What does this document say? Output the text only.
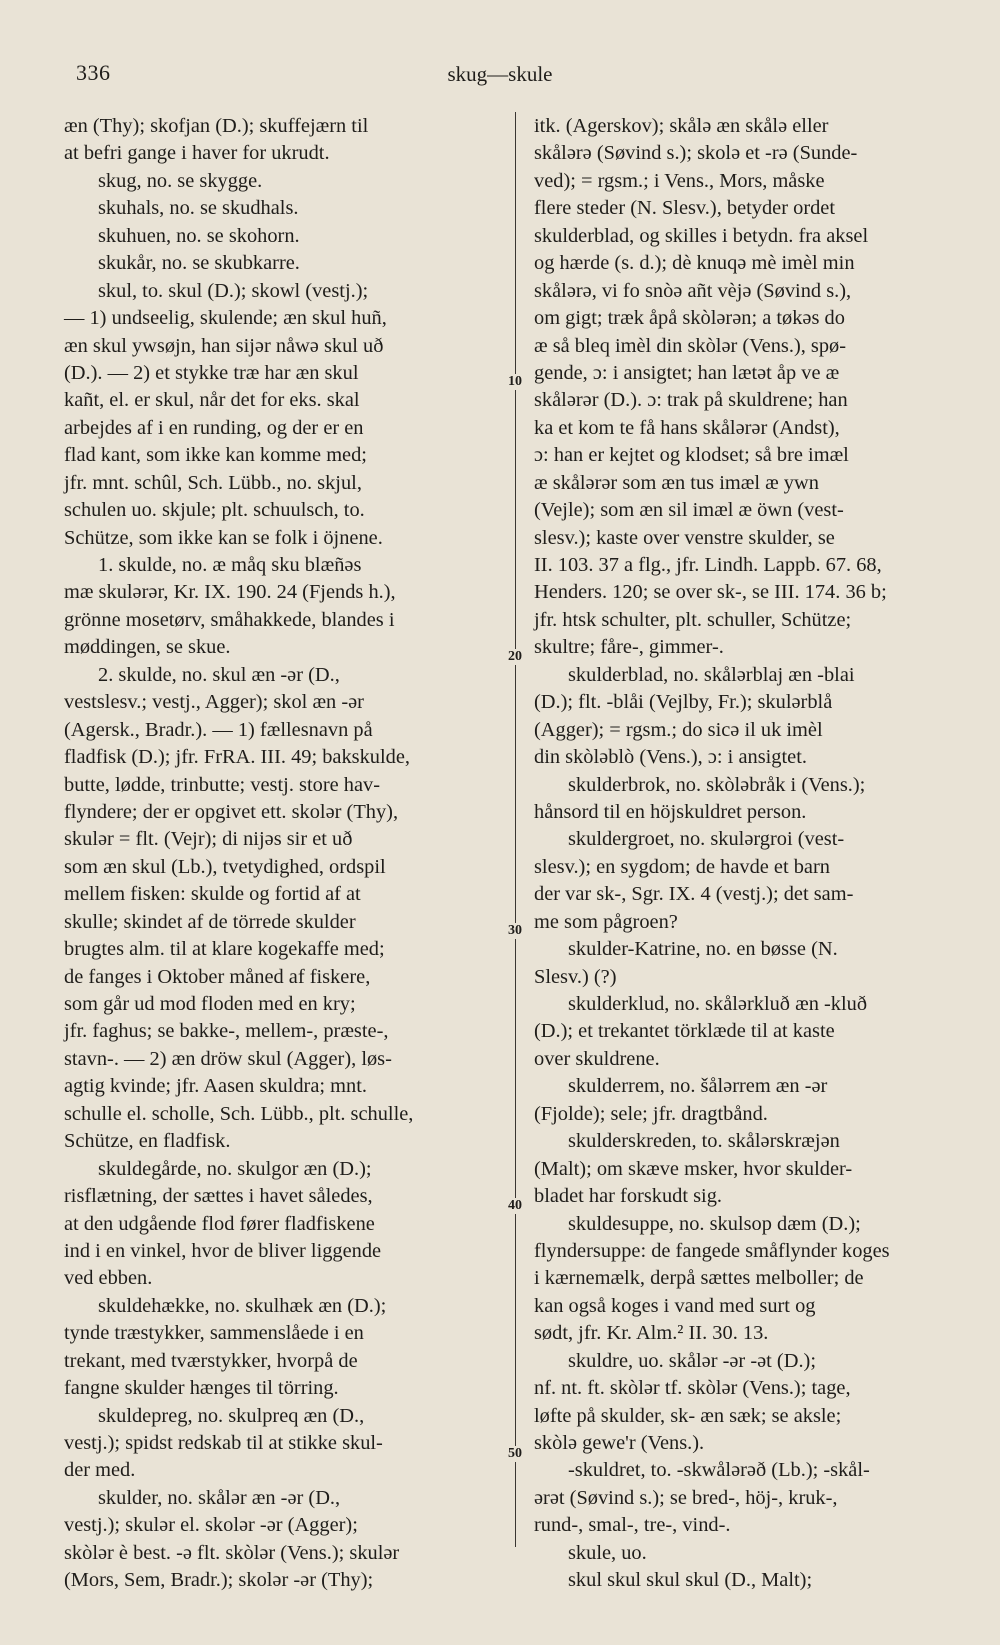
336	skug—skule
æn (Thy); skofjan (D.); skuffejærn til
at befri gange i haver for ukrudt.
skug, no. se skygge.
skuhals, no. se skudhals.
skuhuen, no. se skohorn.
skukår, no. se skubkarre.
skul, to. skul (D.); skowl (vestj.);
— 1) undseelig, skulende; æn skul huñ,
æn skul ywsøjn, han sijər nåwə skul uð
(D.). — 2) et stykke træ har æn skul
kañt, el. er skul, når det for eks. skal
arbejdes af i en runding, og der er en
flad kant, som ikke kan komme med;
jfr. mnt. schûl, Sch. Lübb., no. skjul,
schulen uo. skjule; plt. schuulsch, to.
Schütze, som ikke kan se folk i öjnene.
1. skulde, no. æ måq sku blæñəs
mæ skulərər, Kr. IX. 190. 24 (Fjends h.),
grönne mosetørv, småhakkede, blandes i
møddingen, se skue.
2. skulde, no. skul æn -ər (D.,
vestslesv.; vestj., Agger); skol æn -ər
(Agersk., Bradr.). — 1) fællesnavn på
fladfisk (D.); jfr. FrRA. III. 49; bakskulde,
butte, lødde, trinbutte; vestj. store hav-
flyndere; der er opgivet ett. skolər (Thy),
skulər = flt. (Vejr); di nijəs sir et uð
som æn skul (Lb.), tvetydighed, ordspil
mellem fisken: skulde og fortid af at
skulle; skindet af de törrede skulder
brugtes alm. til at klare kogekaffe med;
de fanges i Oktober måned af fiskere,
som går ud mod floden med en kry;
jfr. faghus; se bakke-, mellem-, præste-,
stavn-. — 2) æn dröw skul (Agger), løs-
agtig kvinde; jfr. Aasen skuldra; mnt.
schulle el. scholle, Sch. Lübb., plt. schulle,
Schütze, en fladfisk.
skuldegårde, no. skulgor æn (D.);
risflætning, der sættes i havet således,
at den udgående flod fører fladfiskene
ind i en vinkel, hvor de bliver liggende
ved ebben.
skuldehække, no. skulhæk æn (D.);
tynde træstykker, sammenslåede i en
trekant, med tværstykker, hvorpå de
fangne skulder hænges til törring.
skuldepreg, no. skulpreq æn (D.,
vestj.); spidst redskab til at stikke skul-
der med.
skulder, no. skålər æn -ər (D.,
vestj.); skulər el. skolər -ər (Agger);
skòlər è best. -ə flt. skòlər (Vens.); skulər
(Mors, Sem, Bradr.); skolər -ər (Thy);
itk. (Agerskov); skålə æn skålə eller
skålərə (Søvind s.); skolə et -rə (Sunde-
ved); = rgsm.; i Vens., Mors, måske
flere steder (N. Slesv.), betyder ordet
skulderblad, og skilles i betydn. fra aksel
og hærde (s. d.); dè knuqə mè imèl min
skålərə, vi fo snòə añt vèjə (Søvind s.),
om gigt; træk åpå skòlərən; a tøkəs do
æ så bleq imèl din skòlər (Vens.), spø-
gende, ɔ: i ansigtet; han lætət åp ve æ
skålərər (D.). ɔ: trak på skuldrene; han
ka et kom te få hans skålərər (Andst),
ɔ: han er kejtet og klodset; så bre imæl
æ skålərər som æn tus imæl æ ywn
(Vejle); som æn sil imæl æ öwn (vest-
slesv.); kaste over venstre skulder, se
II. 103. 37 a flg., jfr. Lindh. Lappb. 67. 68,
Henders. 120; se over sk-, se III. 174. 36 b;
jfr. htsk schulter, plt. schuller, Schütze;
skultre; fåre-, gimmer-.
skulderblad, no. skålərblaj æn -blai
(D.); flt. -blåi (Vejlby, Fr.); skulərblå
(Agger); = rgsm.; do sicə il uk imèl
din skòləblò (Vens.), ɔ: i ansigtet.
skulderbrok, no. skòləbråk i (Vens.);
hånsord til en höjskuldret person.
skuldergroet, no. skulərgroi (vest-
slesv.); en sygdom; de havde et barn
der var sk-, Sgr. IX. 4 (vestj.); det sam-
me som pågroen?
skulder-Katrine, no. en bøsse (N.
Slesv.) (?)
skulderklud, no. skålərkluð æn -kluð
(D.); et trekantet törklæde til at kaste
over skuldrene.
skulderrem, no. šålərrem æn -ər
(Fjolde); sele; jfr. dragtbånd.
skulderskreden, to. skålərskræjən
(Malt); om skæve msker, hvor skulder-
bladet har forskudt sig.
skuldesuppe, no. skulsop dæm (D.);
flyndersuppe: de fangede småflynder koges
i kærnemælk, derpå sættes melboller; de
kan også koges i vand med surt og
sødt, jfr. Kr. Alm.² II. 30. 13.
skuldre, uo. skålər -ər -ət (D.);
nf. nt. ft. skòlər tf. skòlər (Vens.); tage,
løfte på skulder, sk- æn sæk; se aksle;
skòlə gewe'r (Vens.).
-skuldret, to. -skwålərəð (Lb.); -skål-
ərət (Søvind s.); se bred-, höj-, kruk-,
rund-, smal-, tre-, vind-.
skule, uo.
skul skul skul skul (D., Malt);
10
20
30
40
50
